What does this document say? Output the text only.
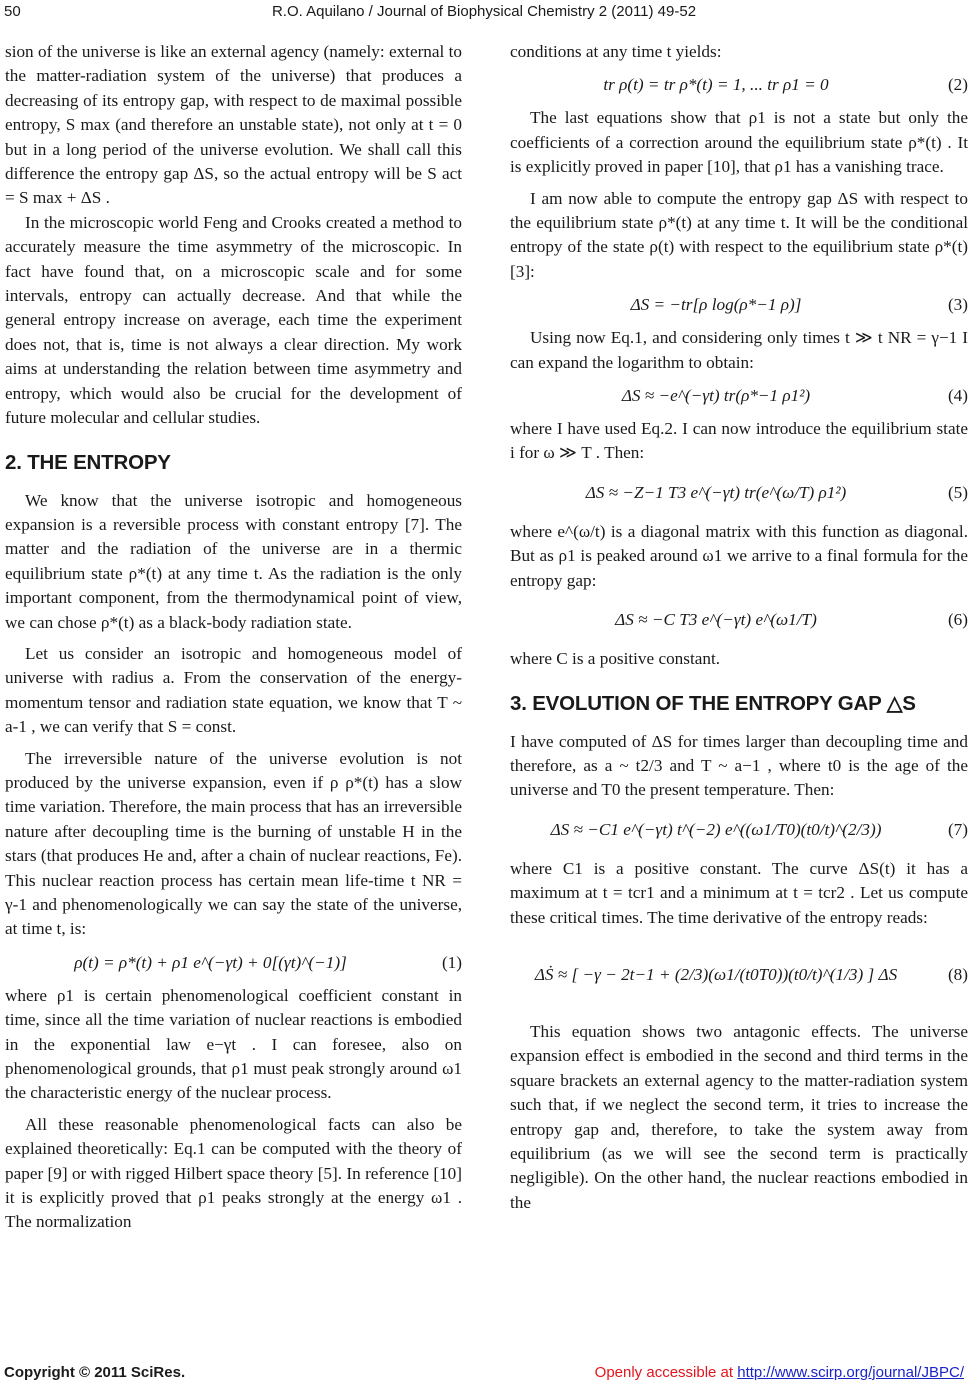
50	R.O. Aquilano / Journal of Biophysical Chemistry 2 (2011) 49-52

sion of the universe is like an external agency (namely: external to the matter-radiation system of the universe) that produces a decreasing of its entropy gap, with respect to de maximal possible entropy, S max (and therefore an unstable state), not only at t = 0 but in a long period of the universe evolution. We shall call this difference the entropy gap ΔS, so the actual entropy will be S act = S max + ΔS .

In the microscopic world Feng and Crooks created a method to accurately measure the time asymmetry of the microscopic. In fact have found that, on a microscopic scale and for some intervals, entropy can actually decrease. And that while the general entropy increase on average, each time the experiment does not, that is, time is not always a clear direction. My work aims at understanding the relation between time asymmetry and entropy, which would also be crucial for the development of future molecular and cellular studies.

2. THE ENTROPY

We know that the universe isotropic and homogeneous expansion is a reversible process with constant entropy [7]. The matter and the radiation of the universe are in a thermic equilibrium state ρ*(t) at any time t. As the radiation is the only important component, from the thermodynamical point of view, we can chose ρ*(t) as a black-body radiation state.

Let us consider an isotropic and homogeneous model of universe with radius a. From the conservation of the energy-momentum tensor and radiation state equation, we know that T ~ a-1 , we can verify that S = const.

The irreversible nature of the universe evolution is not produced by the universe expansion, even if ρ ρ*(t) has a slow time variation. Therefore, the main process that has an irreversible nature after decoupling time is the burning of unstable H in the stars (that produces He and, after a chain of nuclear reactions, Fe). This nuclear reaction process has certain mean life-time t NR = γ-1 and phenomenologically we can say the state of the universe, at time t, is:

ρ(t) = ρ*(t) + ρ1 e^(−γt) + 0[(γt)^(−1)]	(1)

where ρ1 is certain phenomenological coefficient constant in time, since all the time variation of nuclear reactions is embodied in the exponential law e−γt . I can foresee, also on phenomenological grounds, that ρ1 must peak strongly around ω1 the characteristic energy of the nuclear process.

All these reasonable phenomenological facts can also be explained theoretically: Eq.1 can be computed with the theory of paper [9] or with rigged Hilbert space theory [5]. In reference [10] it is explicitly proved that ρ1 peaks strongly at the energy ω1 . The normalization

conditions at any time t yields:

tr ρ(t) = tr ρ*(t) = 1, ... tr ρ1 = 0	(2)

The last equations show that ρ1 is not a state but only the coefficients of a correction around the equilibrium state ρ*(t) . It is explicitly proved in paper [10], that ρ1 has a vanishing trace.

I am now able to compute the entropy gap ΔS with respect to the equilibrium state ρ*(t) at any time t. It will be the conditional entropy of the state ρ(t) with respect to the equilibrium state ρ*(t) [3]:

ΔS = −tr[ρ log(ρ*−1 ρ)]	(3)

Using now Eq.1, and considering only times t ≫ t NR = γ−1 I can expand the logarithm to obtain:

ΔS ≈ −e^(−γt) tr(ρ*−1 ρ1²)	(4)

where I have used Eq.2. I can now introduce the equilibrium state i for ω ≫ T . Then:

ΔS ≈ −Z−1 T3 e^(−γt) tr(e^(ω/T) ρ1²)	(5)

where e^(ω/t) is a diagonal matrix with this function as diagonal. But as ρ1 is peaked around ω1 we arrive to a final formula for the entropy gap:

ΔS ≈ −C T3 e^(−γt) e^(ω1/T)	(6)

where C is a positive constant.

3. EVOLUTION OF THE ENTROPY GAP △S

I have computed of ΔS for times larger than decoupling time and therefore, as a ~ t2/3 and T ~ a−1 , where t0 is the age of the universe and T0 the present temperature. Then:

ΔS ≈ −C1 e^(−γt) t^(−2) e^((ω1/T0)(t0/t)^(2/3))	(7)

where C1 is a positive constant. The curve ΔS(t) it has a maximum at t = tcr1 and a minimum at t = tcr2 . Let us compute these critical times. The time derivative of the entropy reads:

ΔṠ ≈ [ −γ − 2t−1 + (2/3)(ω1/(t0T0))(t0/t)^(1/3) ] ΔS	(8)

This equation shows two antagonic effects. The universe expansion effect is embodied in the second and third terms in the square brackets an external agency to the matter-radiation system such that, if we neglect the second term, it tries to increase the entropy gap and, therefore, to take the system away from equilibrium (as we will see the second term is practically negligible). On the other hand, the nuclear reactions embodied in the

Copyright © 2011 SciRes.	Openly accessible at http://www.scirp.org/journal/JBPC/
